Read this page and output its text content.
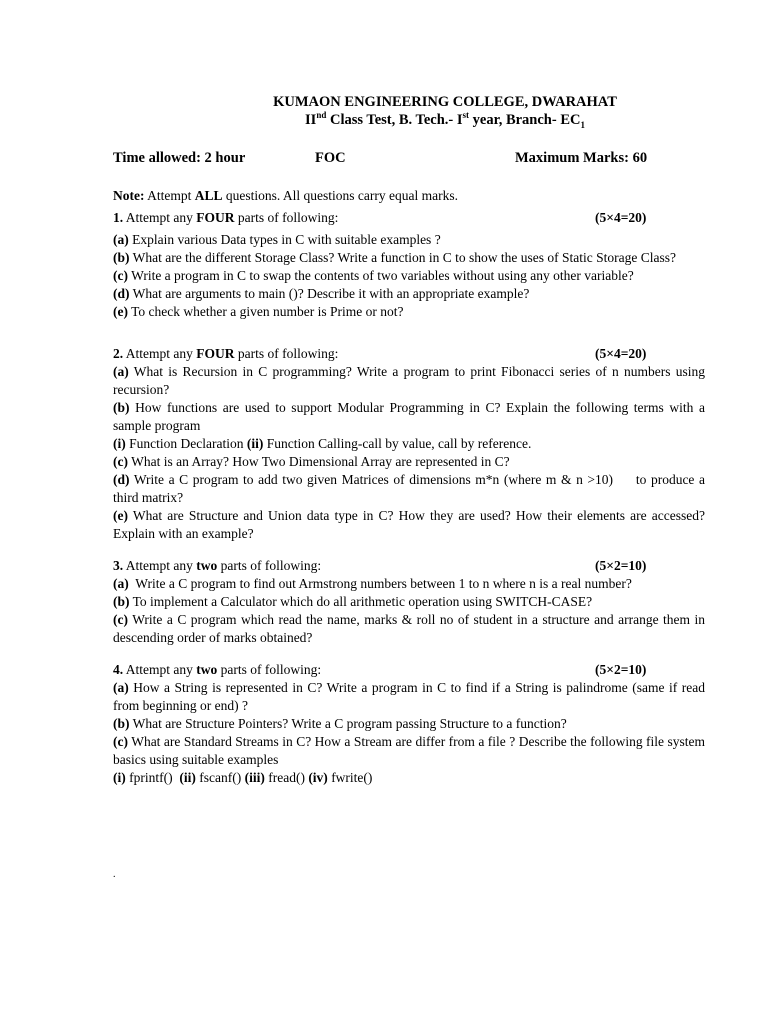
KUMAON ENGINEERING COLLEGE, DWARAHAT
IInd Class Test, B. Tech.- Ist year, Branch- $EC_1$
Time allowed: 2 hour	FOC	Maximum Marks: 60
Note: Attempt ALL questions. All questions carry equal marks.
1. Attempt any FOUR parts of following:	(5×4=20)

(a) Explain various Data types in C with suitable examples ?

(b) What are the different Storage Class? Write a function in C to show the uses of Static Storage Class?

(c) Write a program in C to swap the contents of two variables without using any other variable?

(d) What are arguments to main ()? Describe it with an appropriate example?

(e) To check whether a given number is Prime or not?

2. Attempt any FOUR parts of following:	(5×4=20)

(a) What is Recursion in C programming? Write a program to print Fibonacci series of n numbers using recursion?

(b) How functions are used to support Modular Programming in C? Explain the following terms with a sample program

(i) Function Declaration (ii) Function Calling-call by value, call by reference.

(c) What is an Array? How Two Dimensional Array are represented in C?

(d) Write a C program to add two given Matrices of dimensions m*n (where m & n >10)     to produce a third matrix?

(e) What are Structure and Union data type in C? How they are used? How their elements are accessed? Explain with an example?

3. Attempt any two parts of following:	(5×2=10)

(a)  Write a C program to find out Armstrong numbers between 1 to n where n is a real number?

(b) To implement a Calculator which do all arithmetic operation using SWITCH-CASE?

(c) Write a C program which read the name, marks & roll no of student in a structure and arrange them in descending order of marks obtained?

4. Attempt any two parts of following:	(5×2=10)

(a) How a String is represented in C? Write a program in C to find if a String is palindrome (same if read from beginning or end) ?

(b) What are Structure Pointers? Write a C program passing Structure to a function?

(c) What are Standard Streams in C? How a Stream are differ from a file ? Describe the following file system basics using suitable examples

(i) fprintf()  (ii) fscanf() (iii) fread() (iv) fwrite()

.
